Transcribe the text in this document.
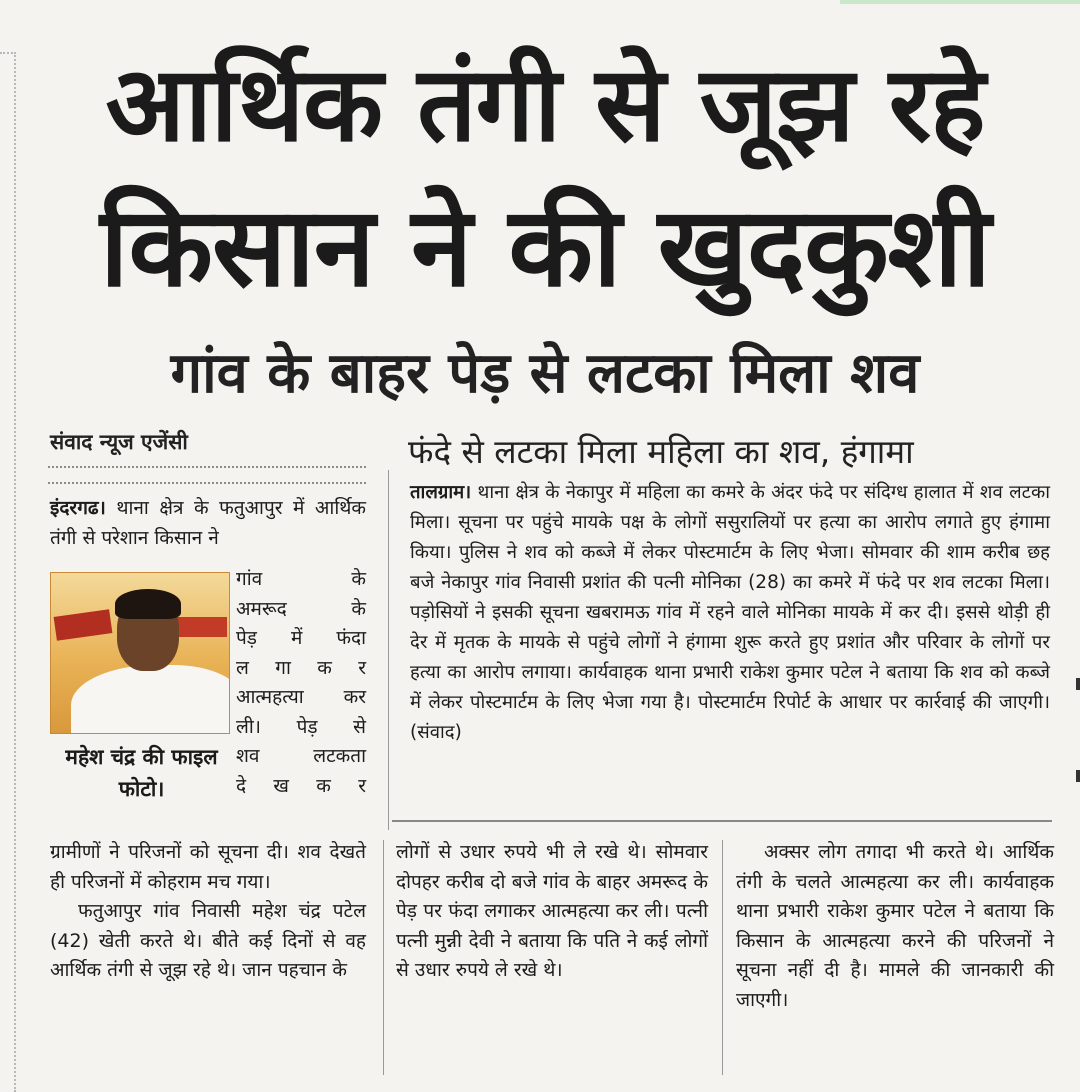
आर्थिक तंगी से जूझ रहे
किसान ने की खुदकुशी
गांव के बाहर पेड़ से लटका मिला शव
संवाद न्यूज एजेंसी	फंदे से लटका मिला महिला का शव, हंगामा

इंदरगढ। थाना क्षेत्र के फतुआपुर में आर्थिक तंगी से परेशान किसान ने

महेश चंद्र की फाइल फोटो।
गांव के
अमरूद के
पेड़ में फंदा
ल गा क र
आत्महत्या कर
ली। पेड़ से
शव लटकता
दे ख क र

ग्रामीणों ने परिजनों को सूचना दी। शव देखते ही परिजनों में कोहराम मच गया।

फतुआपुर गांव निवासी महेश चंद्र पटेल (42) खेती करते थे। बीते कई दिनों से वह आर्थिक तंगी से जूझ रहे थे। जान पहचान के

लोगों से उधार रुपये भी ले रखे थे। सोमवार दोपहर करीब दो बजे गांव के बाहर अमरूद के पेड़ पर फंदा लगाकर आत्महत्या कर ली। पत्नी पत्नी मुन्नी देवी ने बताया कि पति ने कई लोगों से उधार रुपये ले रखे थे।

अक्सर लोग तगादा भी करते थे। आर्थिक तंगी के चलते आत्महत्या कर ली। कार्यवाहक थाना प्रभारी राकेश कुमार पटेल ने बताया कि किसान के आत्महत्या करने की परिजनों ने सूचना नहीं दी है। मामले की जानकारी की जाएगी।

तालग्राम। थाना क्षेत्र के नेकापुर में महिला का कमरे के अंदर फंदे पर संदिग्ध हालात में शव लटका मिला। सूचना पर पहुंचे मायके पक्ष के लोगों ससुरालियों पर हत्या का आरोप लगाते हुए हंगामा किया। पुलिस ने शव को कब्जे में लेकर पोस्टमार्टम के लिए भेजा। सोमवार की शाम करीब छह बजे नेकापुर गांव निवासी प्रशांत की पत्नी मोनिका (28) का कमरे में फंदे पर शव लटका मिला। पड़ोसियों ने इसकी सूचना खबरामऊ गांव में रहने वाले मोनिका मायके में कर दी। इससे थोड़ी ही देर में मृतक के मायके से पहुंचे लोगों ने हंगामा शुरू करते हुए प्रशांत और परिवार के लोगों पर हत्या का आरोप लगाया। कार्यवाहक थाना प्रभारी राकेश कुमार पटेल ने बताया कि शव को कब्जे में लेकर पोस्टमार्टम के लिए भेजा गया है। पोस्टमार्टम रिपोर्ट के आधार पर कार्रवाई की जाएगी। (संवाद)
